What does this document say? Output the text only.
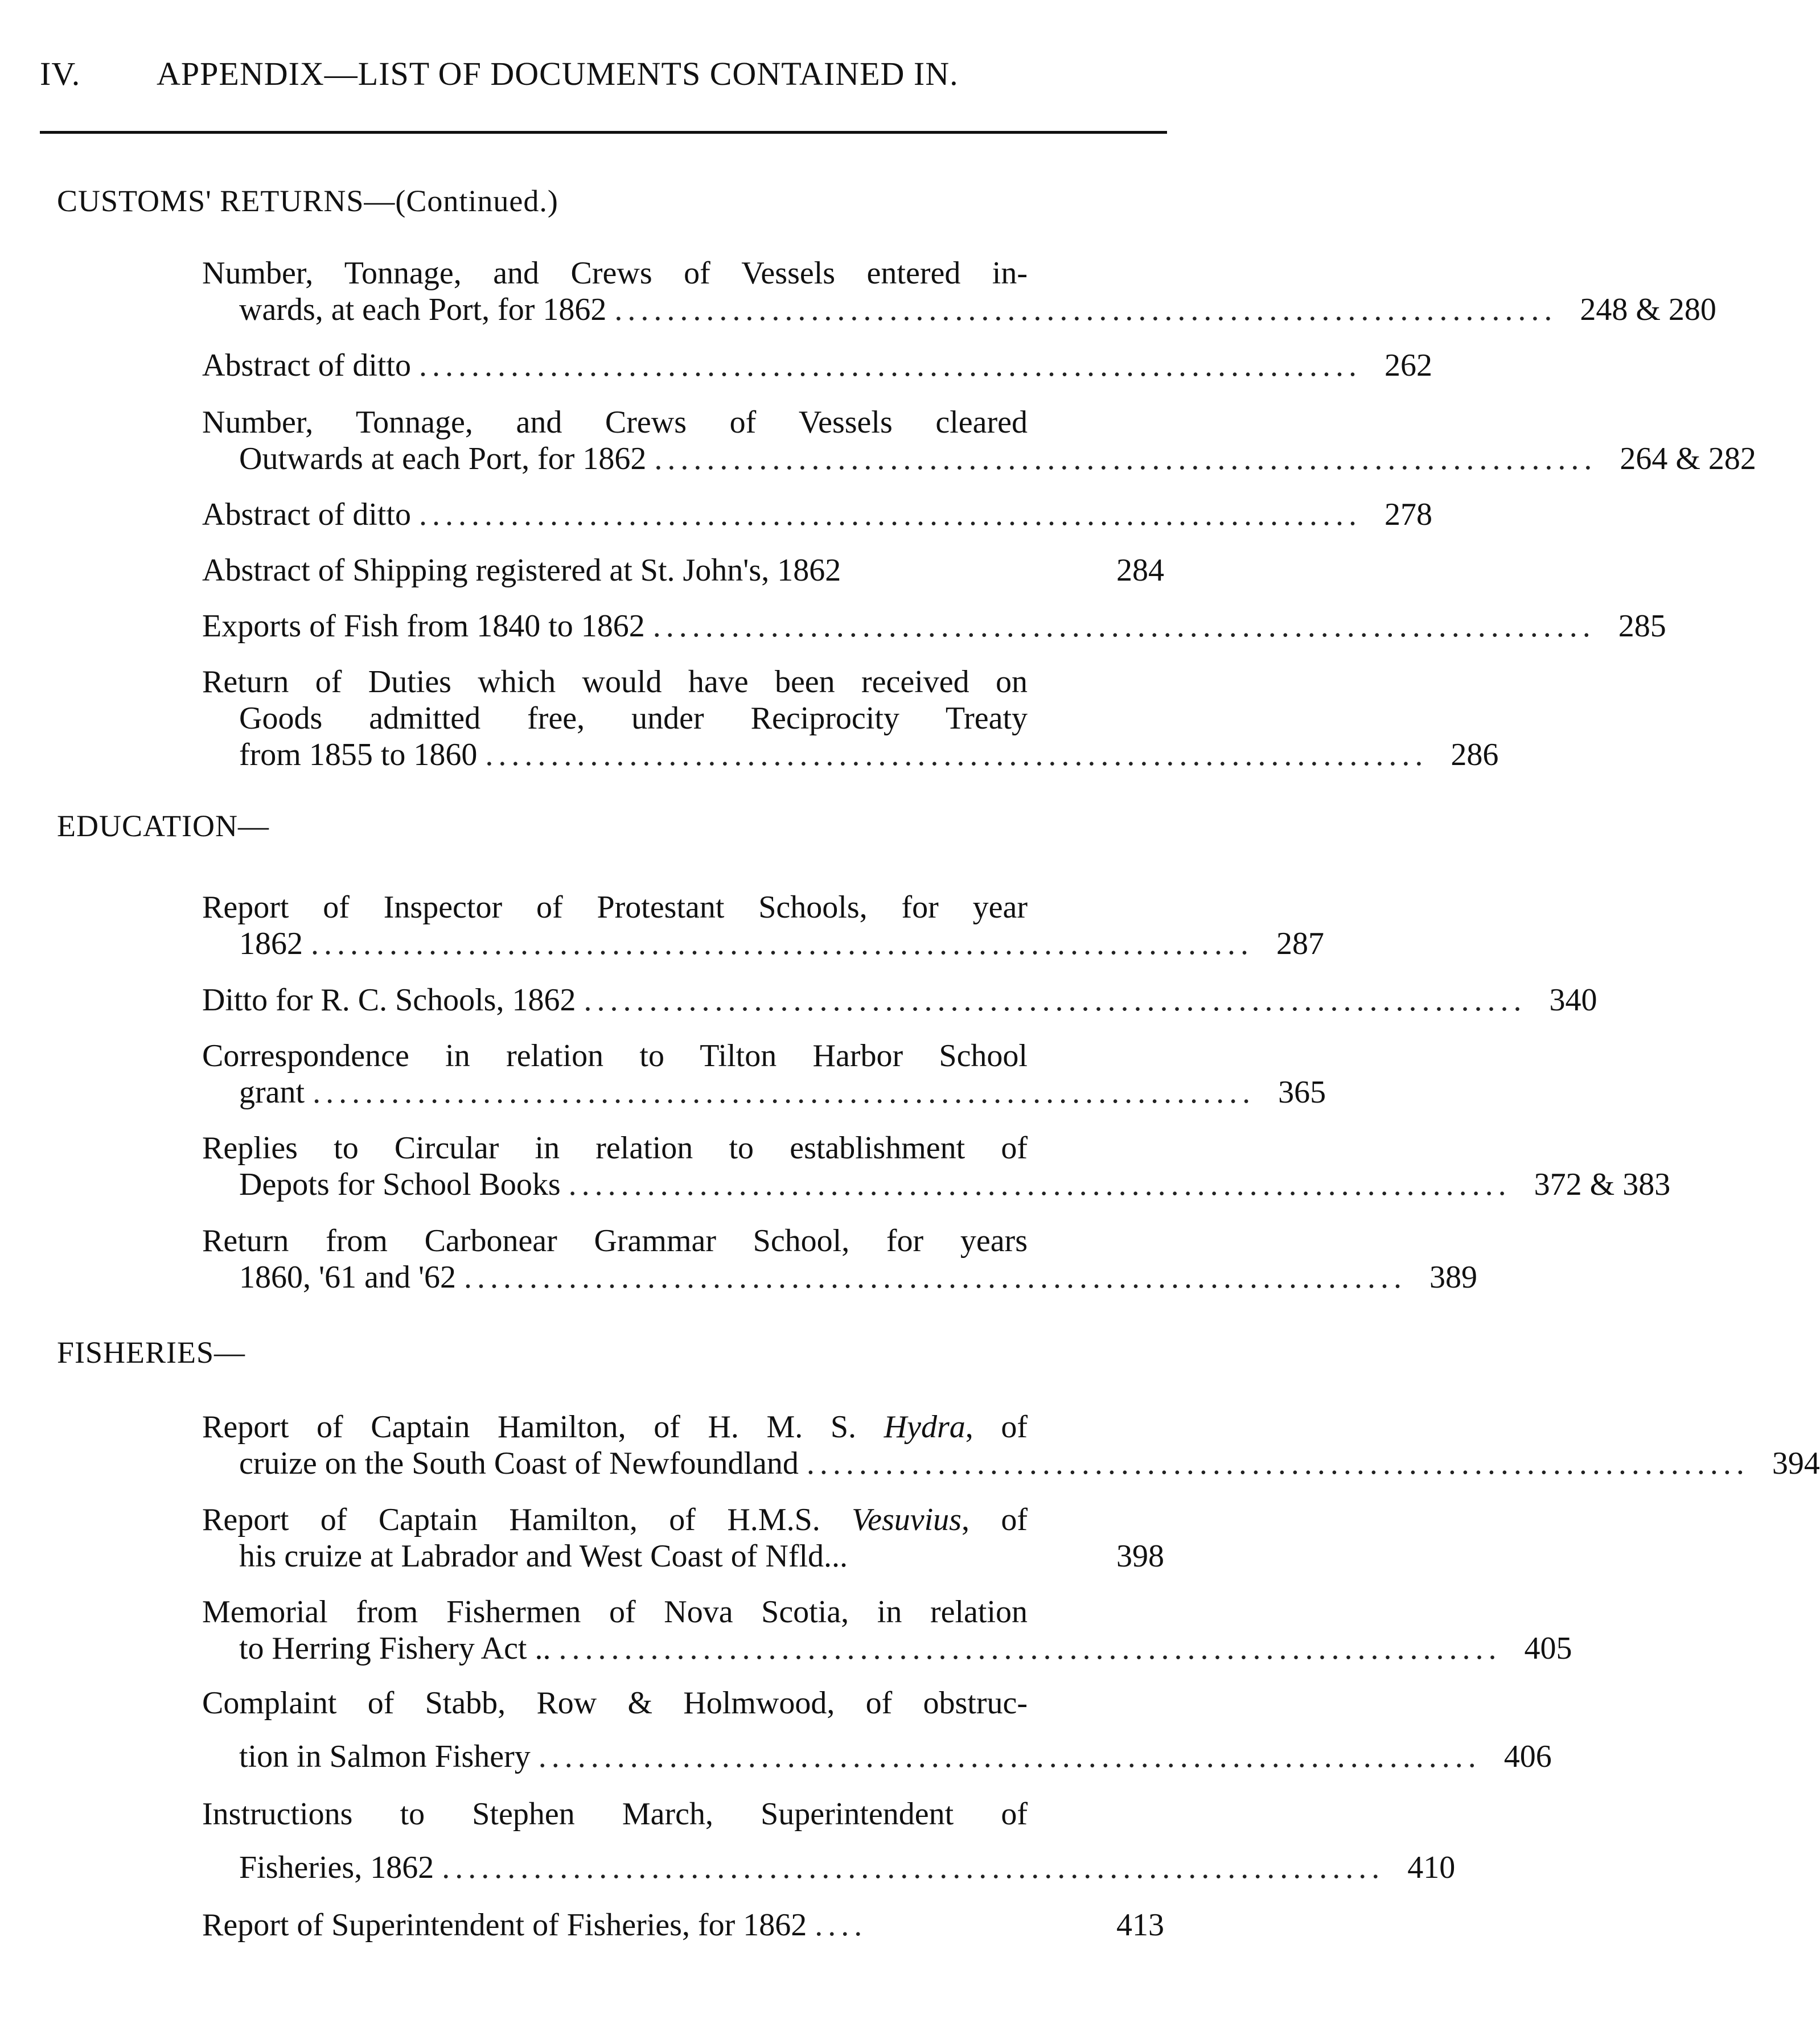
IV. APPENDIX—LIST OF DOCUMENTS CONTAINED IN.
CUSTOMS' RETURNS—(Continued.)
Number, Tonnage, and Crews of Vessels entered in-
wards, at each Port, for 1862 ........................................................................ 248 & 280
Abstract of ditto ........................................................................ 262
Number, Tonnage, and Crews of Vessels cleared
Outwards at each Port, for 1862 ........................................................................ 264 & 282
Abstract of ditto ........................................................................ 278
Abstract of Shipping registered at St. John's, 1862	284
Exports of Fish from 1840 to 1862 ........................................................................ 285
Return of Duties which would have been received on
Goods admitted free, under Reciprocity Treaty
from 1855 to 1860 ........................................................................ 286
EDUCATION—
Report of Inspector of Protestant Schools, for year
1862 ........................................................................ 287
Ditto for R. C. Schools, 1862 ........................................................................ 340
Correspondence in relation to Tilton Harbor School
grant ........................................................................ 365
Replies to Circular in relation to establishment of
Depots for School Books ........................................................................ 372 & 383
Return from Carbonear Grammar School, for years
1860, '61 and '62 ........................................................................ 389
FISHERIES—
Report of Captain Hamilton, of H. M. S. Hydra, of
cruize on the South Coast of Newfoundland ........................................................................ 394
Report of Captain Hamilton, of H.M.S. Vesuvius, of
his cruize at Labrador and West Coast of Nfld...	398
Memorial from Fishermen of Nova Scotia, in relation
to Herring Fishery Act .. ........................................................................ 405
Complaint of Stabb, Row & Holmwood, of obstruc-
tion in Salmon Fishery ........................................................................ 406
Instructions to Stephen March, Superintendent of
Fisheries, 1862 ........................................................................ 410
Report of Superintendent of Fisheries, for 1862 ....	413
